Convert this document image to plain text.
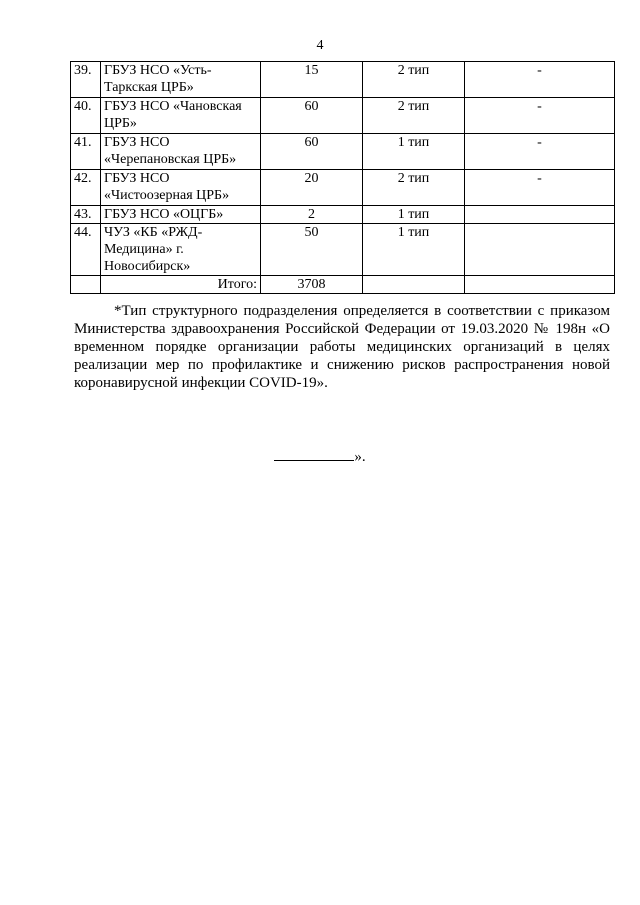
4
39.	ГБУЗ НСО «Усть-Таркская ЦРБ»	15	2 тип	-
40.	ГБУЗ НСО «Чановская ЦРБ»	60	2 тип	-
41.	ГБУЗ НСО «Черепановская ЦРБ»	60	1 тип	-
42.	ГБУЗ НСО «Чистоозерная ЦРБ»	20	2 тип	-
43.	ГБУЗ НСО «ОЦГБ»	2	1 тип	
44.	ЧУЗ «КБ «РЖД-Медицина» г. Новосибирск»	50	1 тип	
	Итого:	3708		

*Тип структурного подразделения определяется в соответствии с приказом Министерства здравоохранения Российской Федерации от 19.03.2020 № 198н «О временном порядке организации работы медицинских организаций в целях реализации мер по профилактике и снижению рисков распространения новой коронавирусной инфекции COVID-19».

».
